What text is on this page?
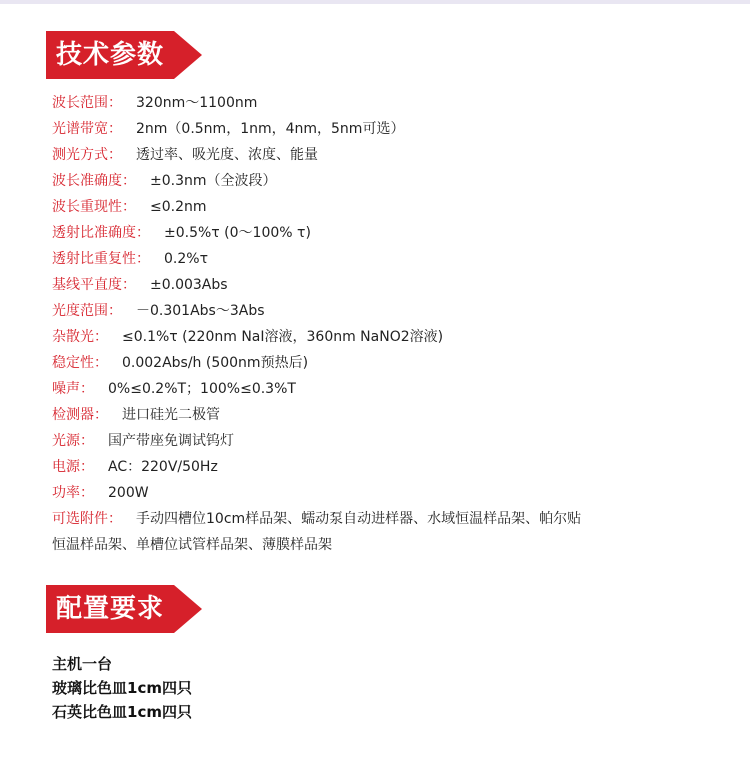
技术参数
波长范围： 320nm～1100nm
光谱带宽： 2nm（0.5nm，1nm，4nm，5nm可选）
测光方式： 透过率、吸光度、浓度、能量
波长准确度： ±0.3nm（全波段）
波长重现性： ≤0.2nm
透射比准确度： ±0.5%τ (0～100% τ)
透射比重复性： 0.2%τ
基线平直度： ±0.003Abs
光度范围： －0.301Abs～3Abs
杂散光： ≤0.1%τ (220nm NaI溶液，360nm NaNO2溶液)
稳定性： 0.002Abs/h (500nm预热后)
噪声： 0%≤0.2%T；100%≤0.3%T
检测器： 进口硅光二极管
光源： 国产带座免调试钨灯
电源： AC：220V/50Hz
功率： 200W
可选附件： 手动四槽位10cm样品架、蠕动泵自动进样器、水域恒温样品架、帕尔贴
恒温样品架、单槽位试管样品架、薄膜样品架
配置要求
主机一台
玻璃比色皿1cm四只
石英比色皿1cm四只
